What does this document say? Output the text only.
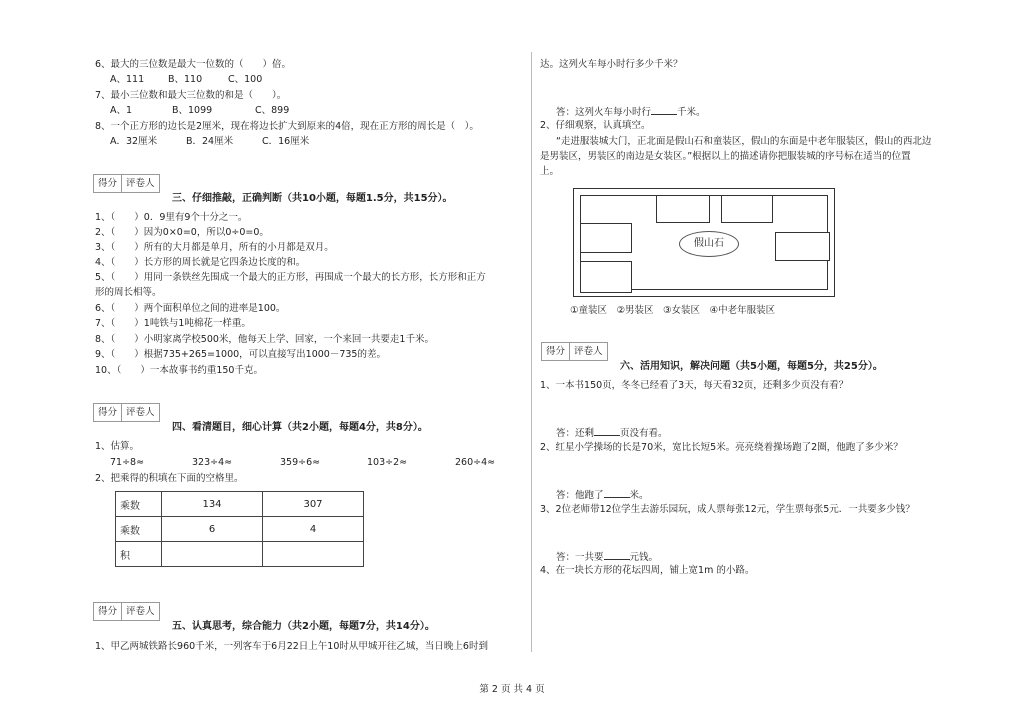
6、最大的三位数是最大一位数的（　　）倍。
A、111	B、110	C、100
7、最小三位数和最大三位数的和是（　　）。
A、1	B、1099	C、899
8、一个正方形的边长是2厘米，现在将边长扩大到原来的4倍，现在正方形的周长是（　）。
A．32厘米	B．24厘米	C．16厘米
得分 评卷人
三、仔细推敲，正确判断（共10小题，每题1.5分，共15分）。
1、（　　）0．9里有9个十分之一。
2、（　　）因为0×0=0，所以0÷0=0。
3、（　　）所有的大月都是单月，所有的小月都是双月。
4、（　　）长方形的周长就是它四条边长度的和。
5、（　　）用同一条铁丝先围成一个最大的正方形，再围成一个最大的长方形，长方形和正方
形的周长相等。
6、（　　）两个面积单位之间的进率是100。
7、（　　）1吨铁与1吨棉花一样重。
8、（　　）小明家离学校500米，他每天上学、回家，一个来回一共要走1千米。
9、（　　）根据735+265=1000，可以直接写出1000－735的差。
10、（　　）一本故事书约重150千克。
得分 评卷人
四、看清题目，细心计算（共2小题，每题4分，共8分）。
1、估算。
71÷8≈	323÷4≈	359÷6≈	103÷2≈	260÷4≈
2、把乘得的积填在下面的空格里。
乘数	134	307
乘数	6	4
积		
得分 评卷人
五、认真思考，综合能力（共2小题，每题7分，共14分）。
1、甲乙两城铁路长960千米，一列客车于6月22日上午10时从甲城开往乙城，当日晚上6时到
达。这列火车每小时行多少千米？
答：这列火车每小时行	千米。
2、仔细观察，认真填空。
“走进服装城大门，正北面是假山石和童装区，假山的东面是中老年服装区，假山的西北边
是男装区，男装区的南边是女装区。”根据以上的描述请你把服装城的序号标在适当的位置
上。
假山石
①童装区　②男装区　③女装区　④中老年服装区
得分 评卷人
六、活用知识，解决问题（共5小题，每题5分，共25分）。
1、一本书150页，冬冬已经看了3天，每天看32页，还剩多少页没有看？
答：还剩	页没有看。
2、红星小学操场的长是70米，宽比长短5米。亮亮绕着操场跑了2圈，他跑了多少米？
答：他跑了	米。
3、2位老师带12位学生去游乐园玩，成人票每张12元，学生票每张5元．一共要多少钱？
答：一共要	元钱。
4、在一块长方形的花坛四周，铺上宽1m 的小路。
第 2 页 共 4 页
